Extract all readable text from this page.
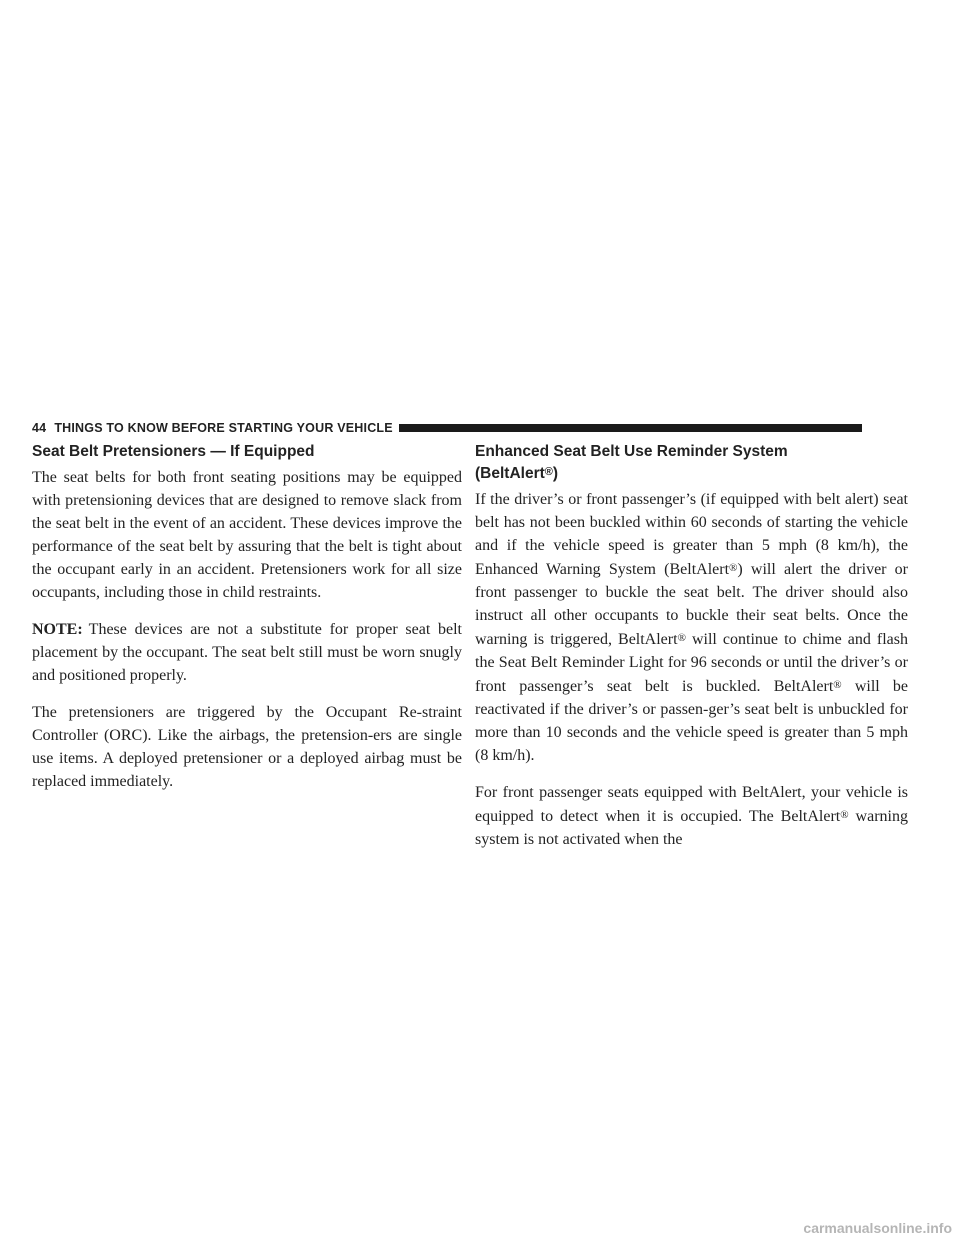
44 THINGS TO KNOW BEFORE STARTING YOUR VEHICLE
Seat Belt Pretensioners — If Equipped

The seat belts for both front seating positions may be equipped with pretensioning devices that are designed to remove slack from the seat belt in the event of an accident. These devices improve the performance of the seat belt by assuring that the belt is tight about the occupant early in an accident. Pretensioners work for all size occupants, including those in child restraints.

NOTE: These devices are not a substitute for proper seat belt placement by the occupant. The seat belt still must be worn snugly and positioned properly.

The pretensioners are triggered by the Occupant Re-straint Controller (ORC). Like the airbags, the pretension-ers are single use items. A deployed pretensioner or a deployed airbag must be replaced immediately.

Enhanced Seat Belt Use Reminder System
(BeltAlert®)

If the driver’s or front passenger’s (if equipped with belt alert) seat belt has not been buckled within 60 seconds of starting the vehicle and if the vehicle speed is greater than 5 mph (8 km/h), the Enhanced Warning System (BeltAlert®) will alert the driver or front passenger to buckle the seat belt. The driver should also instruct all other occupants to buckle their seat belts. Once the warning is triggered, BeltAlert® will continue to chime and flash the Seat Belt Reminder Light for 96 seconds or until the driver’s or front passenger’s seat belt is buckled. BeltAlert® will be reactivated if the driver’s or passen-ger’s seat belt is unbuckled for more than 10 seconds and the vehicle speed is greater than 5 mph (8 km/h).

For front passenger seats equipped with BeltAlert, your vehicle is equipped to detect when it is occupied. The BeltAlert® warning system is not activated when the

carmanualsonline.info
